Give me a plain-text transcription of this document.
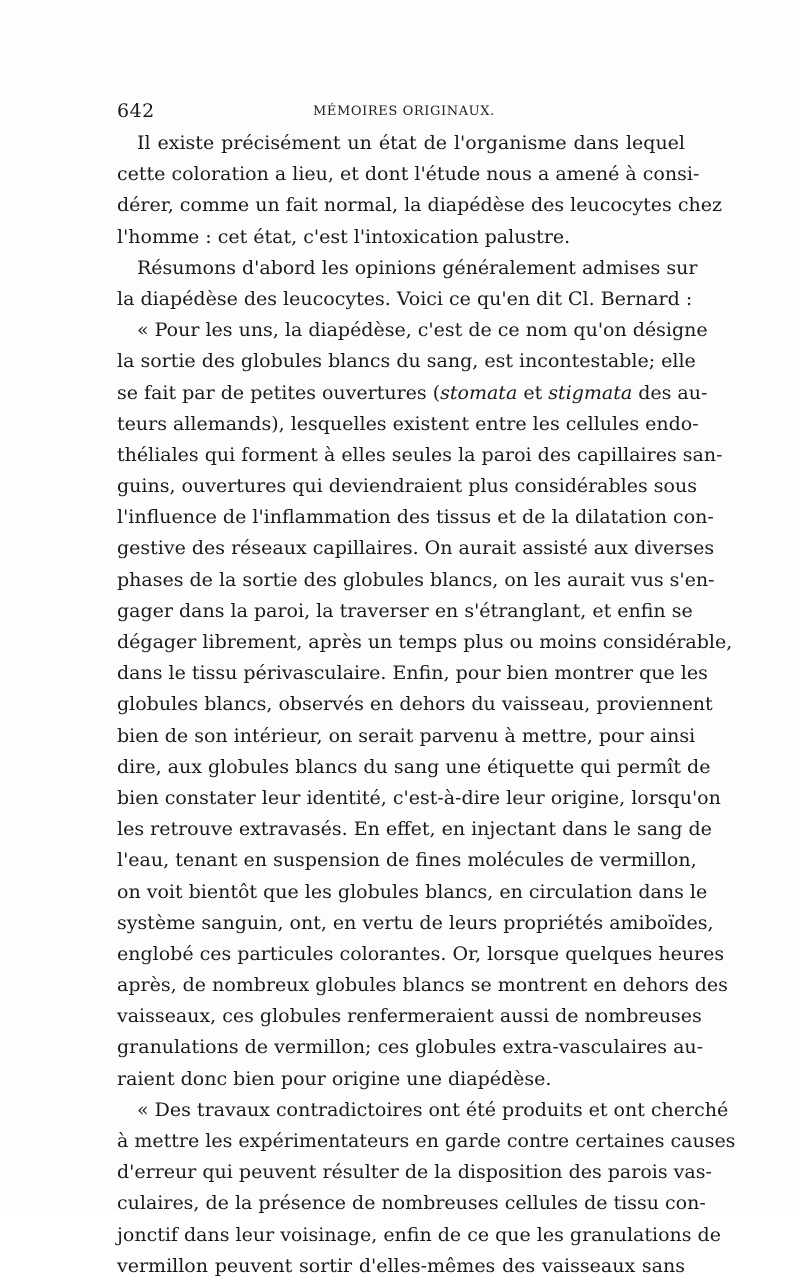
642	MÉMOIRES ORIGINAUX.
Il existe précisément un état de l'organisme dans lequel
cette coloration a lieu, et dont l'étude nous a amené à consi-
dérer, comme un fait normal, la diapédèse des leucocytes chez
l'homme : cet état, c'est l'intoxication palustre.
Résumons d'abord les opinions généralement admises sur
la diapédèse des leucocytes. Voici ce qu'en dit Cl. Bernard :
« Pour les uns, la diapédèse, c'est de ce nom qu'on désigne
la sortie des globules blancs du sang, est incontestable; elle
se fait par de petites ouvertures (stomata et stigmata des au-
teurs allemands), lesquelles existent entre les cellules endo-
théliales qui forment à elles seules la paroi des capillaires san-
guins, ouvertures qui deviendraient plus considérables sous
l'influence de l'inflammation des tissus et de la dilatation con-
gestive des réseaux capillaires. On aurait assisté aux diverses
phases de la sortie des globules blancs, on les aurait vus s'en-
gager dans la paroi, la traverser en s'étranglant, et enfin se
dégager librement, après un temps plus ou moins considérable,
dans le tissu périvasculaire. Enfin, pour bien montrer que les
globules blancs, observés en dehors du vaisseau, proviennent
bien de son intérieur, on serait parvenu à mettre, pour ainsi
dire, aux globules blancs du sang une étiquette qui permît de
bien constater leur identité, c'est-à-dire leur origine, lorsqu'on
les retrouve extravasés. En effet, en injectant dans le sang de
l'eau, tenant en suspension de fines molécules de vermillon,
on voit bientôt que les globules blancs, en circulation dans le
système sanguin, ont, en vertu de leurs propriétés amiboïdes,
englobé ces particules colorantes. Or, lorsque quelques heures
après, de nombreux globules blancs se montrent en dehors des
vaisseaux, ces globules renfermeraient aussi de nombreuses
granulations de vermillon; ces globules extra-vasculaires au-
raient donc bien pour origine une diapédèse.
« Des travaux contradictoires ont été produits et ont cherché
à mettre les expérimentateurs en garde contre certaines causes
d'erreur qui peuvent résulter de la disposition des parois vas-
culaires, de la présence de nombreuses cellules de tissu con-
jonctif dans leur voisinage, enfin de ce que les granulations de
vermillon peuvent sortir d'elles-mêmes des vaisseaux sans
